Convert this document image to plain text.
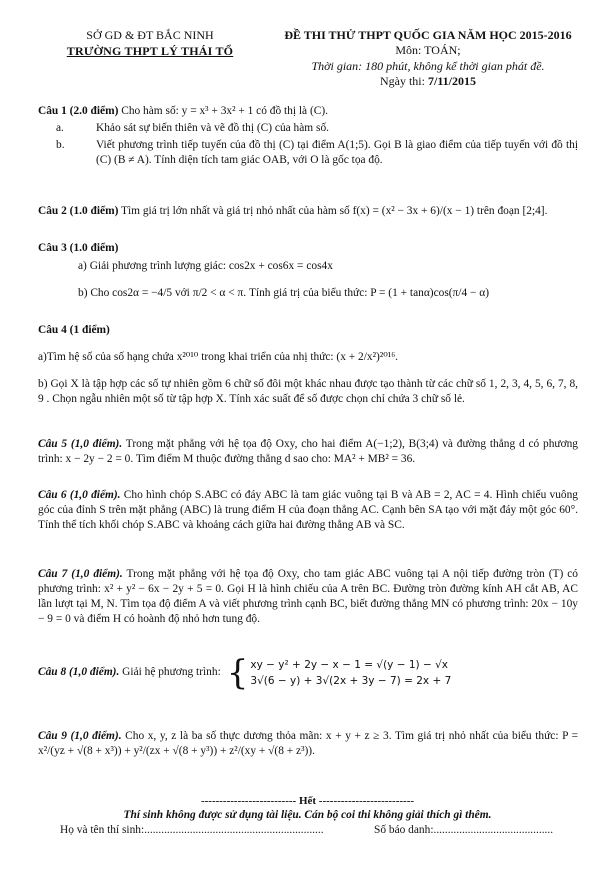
SỞ GD & ĐT BẮC NINH
TRƯỜNG THPT LÝ THÁI TỔ
ĐỀ THI THỬ THPT QUỐC GIA NĂM HỌC 2015-2016
Môn: TOÁN;
Thời gian: 180 phút, không kể thời gian phát đề.
Ngày thi: 7/11/2015
Câu 1 (2.0 điểm) Cho hàm số: y = x³ + 3x² + 1 có đồ thị là (C).
a.	Khảo sát sự biến thiên và vẽ đồ thị (C) của hàm số.
b.	Viết phương trình tiếp tuyến của đồ thị (C) tại điểm A(1;5). Gọi B là giao điểm của tiếp tuyến với đồ thị (C) (B ≠ A). Tính diện tích tam giác OAB, với O là gốc tọa độ.
Câu 2 (1.0 điểm) Tìm giá trị lớn nhất và giá trị nhỏ nhất của hàm số f(x) = (x² − 3x + 6)/(x − 1) trên đoạn [2;4].
Câu 3 (1.0 điểm)
a) Giải phương trình lượng giác: cos2x + cos6x = cos4x
b) Cho cos2α = −4/5 với π/2 < α < π. Tính giá trị của biểu thức: P = (1 + tanα)cos(π/4 − α)
Câu 4 (1 điểm)
a)Tìm hệ số của số hạng chứa x²⁰¹⁰ trong khai triển của nhị thức: (x + 2/x²)²⁰¹⁶.
b) Gọi X là tập hợp các số tự nhiên gồm 6 chữ số đôi một khác nhau được tạo thành từ các chữ số 1, 2, 3, 4, 5, 6, 7, 8, 9 . Chọn ngẫu nhiên một số từ tập hợp X. Tính xác suất để số được chọn chỉ chứa 3 chữ số lẻ.
Câu 5 (1,0 điểm). Trong mặt phẳng với hệ tọa độ Oxy, cho hai điểm A(−1;2), B(3;4) và đường thẳng d có phương trình: x − 2y − 2 = 0. Tìm điểm M thuộc đường thẳng d sao cho: MA² + MB² = 36.
Câu 6 (1,0 điểm). Cho hình chóp S.ABC có đáy ABC là tam giác vuông tại B và AB = 2, AC = 4. Hình chiếu vuông góc của đỉnh S trên mặt phẳng (ABC) là trung điểm H của đoạn thẳng AC. Cạnh bên SA tạo với mặt đáy một góc 60°. Tính thể tích khối chóp S.ABC và khoảng cách giữa hai đường thẳng AB và SC.
Câu 7 (1,0 điểm). Trong mặt phẳng với hệ tọa độ Oxy, cho tam giác ABC vuông tại A nội tiếp đường tròn (T) có phương trình: x² + y² − 6x − 2y + 5 = 0. Gọi H là hình chiếu của A trên BC. Đường tròn đường kính AH cắt AB, AC lần lượt tại M, N. Tìm tọa độ điểm A và viết phương trình cạnh BC, biết đường thẳng MN có phương trình: 20x − 10y − 9 = 0 và điểm H có hoành độ nhỏ hơn tung độ.
Câu 8 (1,0 điểm). Giải hệ phương trình: { xy − y² + 2y − x − 1 = √(y − 1) − √x
3√(6 − y) + 3√(2x + 3y − 7) = 2x + 7
Câu 9 (1,0 điểm). Cho x, y, z là ba số thực dương thỏa mãn: x + y + z ≥ 3. Tìm giá trị nhỏ nhất của biểu thức: P = x²/(yz + √(8 + x³)) + y²/(zx + √(8 + y³)) + z²/(xy + √(8 + z³)).
-------------------------- Hết --------------------------
Thí sinh không được sử dụng tài liệu. Cán bộ coi thi không giải thích gì thêm.
Họ và tên thí sinh:...............................................................	Số báo danh:..........................................
